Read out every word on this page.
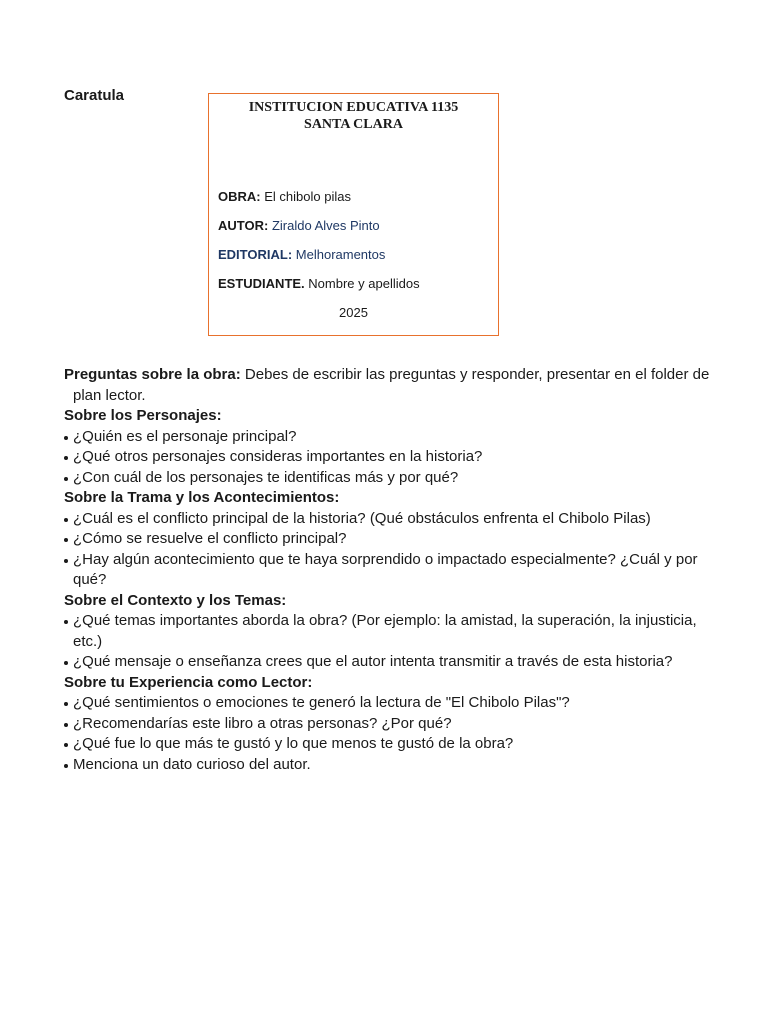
Caratula
INSTITUCION EDUCATIVA 1135
SANTA CLARA
OBRA: El chibolo pilas
AUTOR: Ziraldo Alves Pinto
EDITORIAL: Melhoramentos
ESTUDIANTE. Nombre y apellidos
2025

Preguntas sobre la obra: Debes de escribir las preguntas y responder, presentar en el folder de plan lector.

Sobre los Personajes:

¿Quién es el personaje principal?

¿Qué otros personajes consideras importantes en la historia?

¿Con cuál de los personajes te identificas más y por qué?

Sobre la Trama y los Acontecimientos:

¿Cuál es el conflicto principal de la historia? (Qué obstáculos enfrenta el Chibolo Pilas)

¿Cómo se resuelve el conflicto principal?

¿Hay algún acontecimiento que te haya sorprendido o impactado especialmente? ¿Cuál y por qué?

Sobre el Contexto y los Temas:

¿Qué temas importantes aborda la obra? (Por ejemplo: la amistad, la superación, la injusticia, etc.)

¿Qué mensaje o enseñanza crees que el autor intenta transmitir a través de esta historia?

Sobre tu Experiencia como Lector:

¿Qué sentimientos o emociones te generó la lectura de "El Chibolo Pilas"?

¿Recomendarías este libro a otras personas? ¿Por qué?

¿Qué fue lo que más te gustó y lo que menos te gustó de la obra?

Menciona un dato curioso del autor.
